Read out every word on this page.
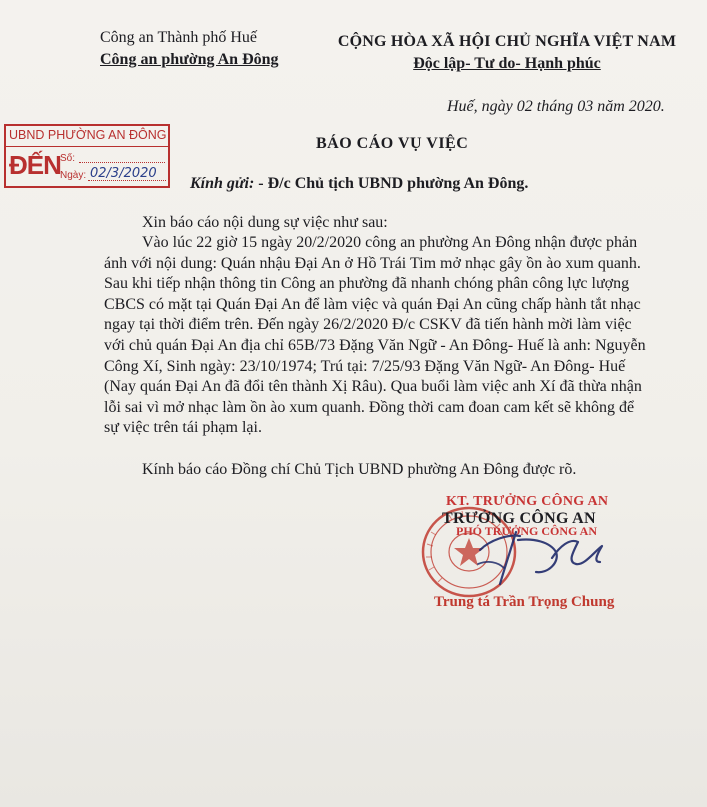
Công an Thành phố Huế
Công an phường An Đông
CỘNG HÒA XÃ HỘI CHỦ NGHĨA VIỆT NAM
Độc lập- Tư do- Hạnh phúc
Huế, ngày 02 tháng 03 năm 2020.
BÁO CÁO VỤ VIỆC
UBND PHƯỜNG AN ĐÔNG
ĐẾN Số:
Ngày: 02/3/2020
Kính gửi: - Đ/c Chủ tịch UBND phường An Đông.
Xin báo cáo nội dung sự việc như sau:
Vào lúc 22 giờ 15 ngày 20/2/2020 công an phường An Đông nhận được phản
ánh với nội dung: Quán nhậu Đại An ở Hồ Trái Tim mở nhạc gây ồn ào xum quanh.
Sau khi tiếp nhận thông tin Công an phường đã nhanh chóng phân công lực lượng
CBCS có mặt tại Quán Đại An để làm việc và quán Đại An cũng chấp hành tắt nhạc
ngay tại thời điểm trên. Đến ngày 26/2/2020 Đ/c CSKV đã tiến hành mời làm việc
với chủ quán Đại An địa chỉ 65B/73 Đặng Văn Ngữ - An Đông- Huế là anh: Nguyễn
Công Xí, Sinh ngày: 23/10/1974; Trú tại: 7/25/93 Đặng Văn Ngữ- An Đông- Huế
(Nay quán Đại An đã đổi tên thành Xị Râu). Qua buổi làm việc anh Xí đã thừa nhận
lỗi sai vì mở nhạc làm ồn ào xum quanh. Đồng thời cam đoan cam kết sẽ không để
sự việc trên tái phạm lại.
Kính báo cáo Đồng chí Chủ Tịch UBND phường An Đông được rõ.
KT. TRƯỞNG CÔNG AN
TRƯỞNG CÔNG AN
PHÓ TRƯỞNG CÔNG AN
Trung tá Trần Trọng Chung
